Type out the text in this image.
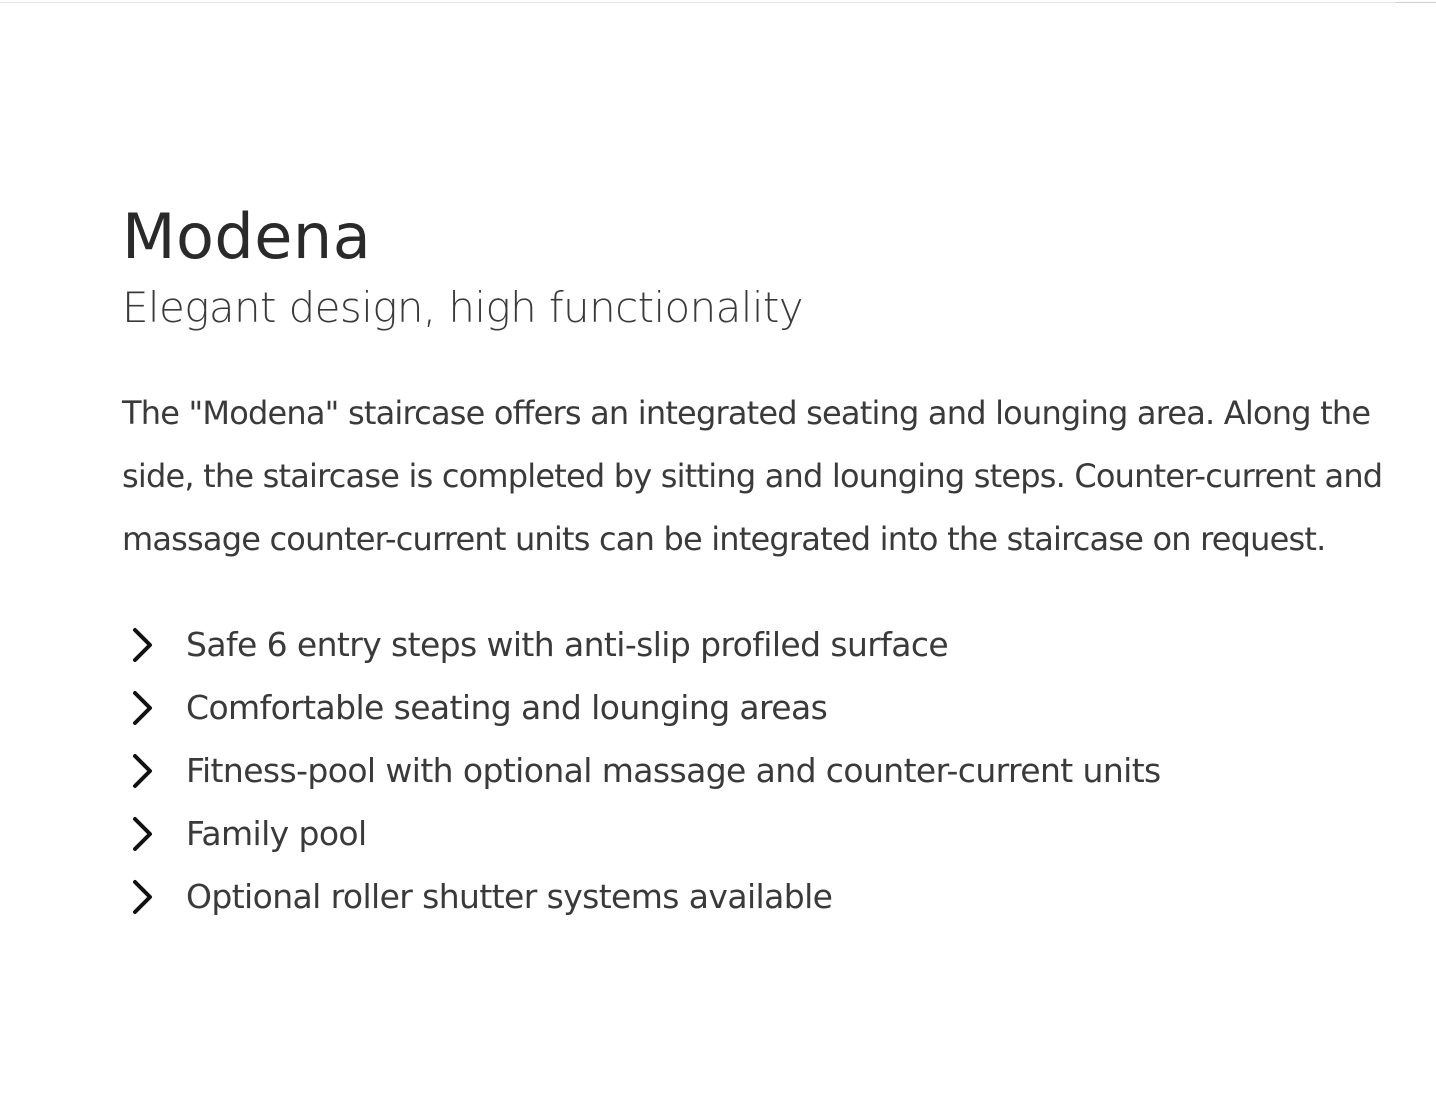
Modena
Elegant design, high functionality

The "Modena" staircase offers an integrated seating and lounging area. Along the side, the staircase is completed by sitting and lounging steps. Counter-current and massage counter-current units can be integrated into the staircase on request.

Safe 6 entry steps with anti-slip profiled surface
Comfortable seating and lounging areas
Fitness-pool with optional massage and counter-current units
Family pool
Optional roller shutter systems available
